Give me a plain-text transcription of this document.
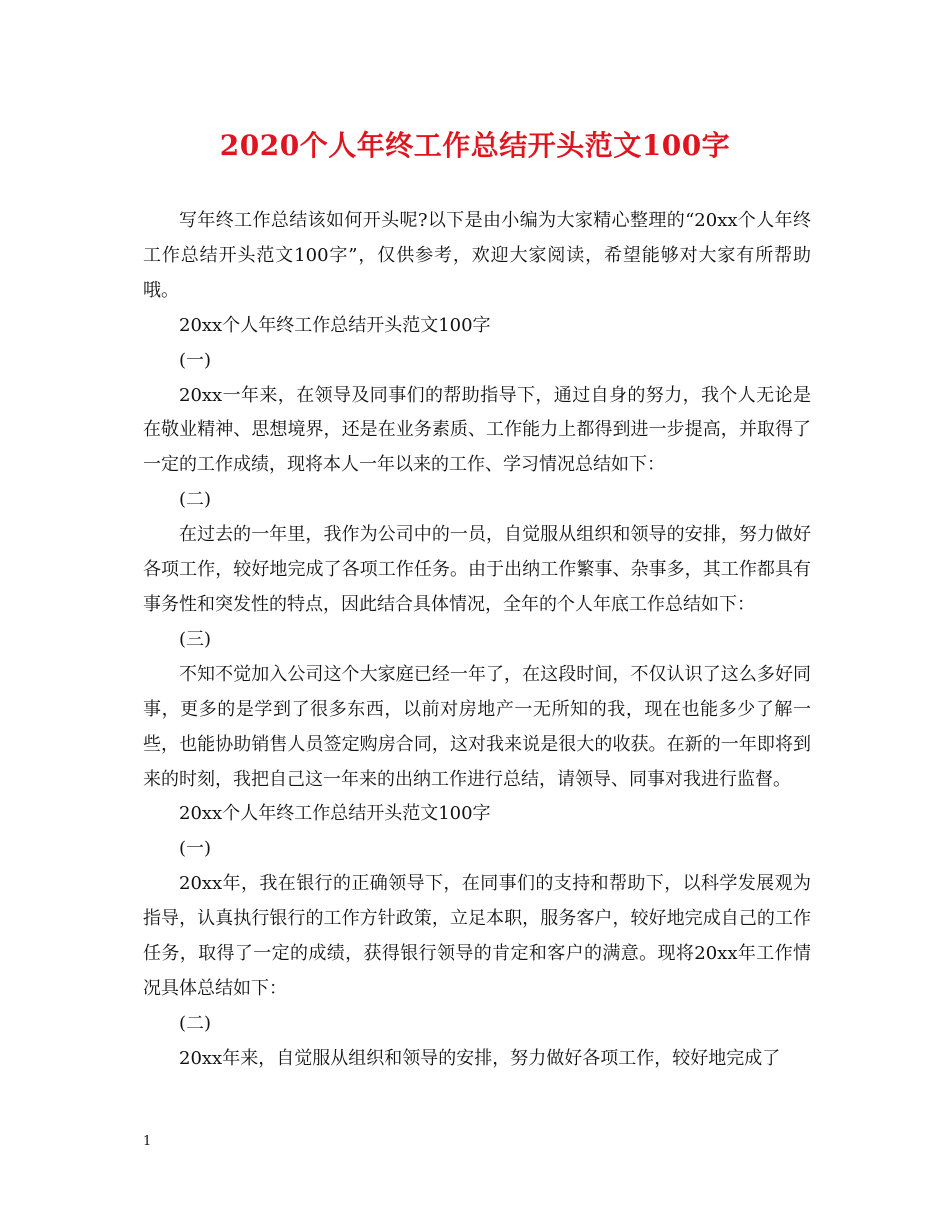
2020个人年终工作总结开头范文100字

写年终工作总结该如何开头呢?以下是由小编为大家精心整理的“20xx个人年终工作总结开头范文100字”，仅供参考，欢迎大家阅读，希望能够对大家有所帮助哦。

20xx个人年终工作总结开头范文100字

(一)

20xx一年来，在领导及同事们的帮助指导下，通过自身的努力，我个人无论是在敬业精神、思想境界，还是在业务素质、工作能力上都得到进一步提高，并取得了一定的工作成绩，现将本人一年以来的工作、学习情况总结如下：

(二)

在过去的一年里，我作为公司中的一员，自觉服从组织和领导的安排，努力做好各项工作，较好地完成了各项工作任务。由于出纳工作繁事、杂事多，其工作都具有事务性和突发性的特点，因此结合具体情况，全年的个人年底工作总结如下：

(三)

不知不觉加入公司这个大家庭已经一年了，在这段时间，不仅认识了这么多好同事，更多的是学到了很多东西，以前对房地产一无所知的我，现在也能多少了解一些，也能协助销售人员签定购房合同，这对我来说是很大的收获。在新的一年即将到来的时刻，我把自己这一年来的出纳工作进行总结，请领导、同事对我进行监督。

20xx个人年终工作总结开头范文100字

(一)

20xx年，我在银行的正确领导下，在同事们的支持和帮助下，以科学发展观为指导，认真执行银行的工作方针政策，立足本职，服务客户，较好地完成自己的工作任务，取得了一定的成绩，获得银行领导的肯定和客户的满意。现将20xx年工作情况具体总结如下：

(二)

20xx年来，自觉服从组织和领导的安排，努力做好各项工作，较好地完成了

1
